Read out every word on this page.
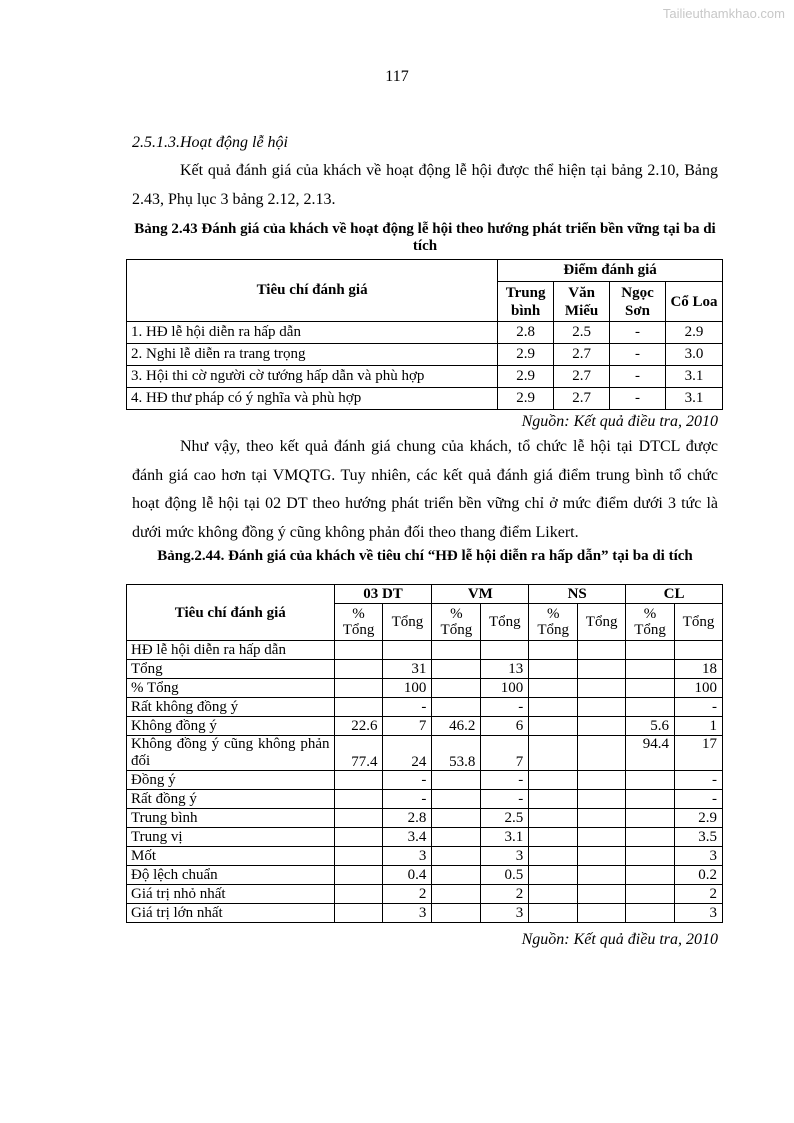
Tailieuthamkhao.com
117
2.5.1.3.Hoạt động lễ hội
Kết quả đánh giá của khách về hoạt động lễ hội được thể hiện tại bảng 2.10, Bảng 2.43, Phụ lục 3 bảng 2.12, 2.13.
Bảng 2.43 Đánh giá của khách về hoạt động lễ hội theo hướng phát triển bền vững tại ba di tích
Tiêu chí đánh giá	Điểm đánh giá			
	Trung bình	Văn Miếu	Ngọc Sơn	Cổ Loa
1. HĐ lễ hội diễn ra hấp dẫn	2.8	2.5	-	2.9
2. Nghi lễ diễn ra trang trọng	2.9	2.7	-	3.0
3. Hội thi cờ người cờ tướng hấp dẫn và phù hợp	2.9	2.7	-	3.1
4. HĐ thư pháp có ý nghĩa và phù hợp	2.9	2.7	-	3.1
Nguồn: Kết quả điều tra, 2010
Như vậy, theo kết quả đánh giá chung của khách, tổ chức lễ hội tại DTCL được đánh giá cao hơn tại VMQTG. Tuy nhiên, các kết quả đánh giá điểm trung bình tổ chức hoạt động lễ hội tại 02 DT theo hướng phát triển bền vững chỉ ở mức điểm dưới 3 tức là dưới mức không đồng ý cũng không phản đối theo thang điểm Likert.
Bảng.2.44. Đánh giá của khách về tiêu chí “HĐ lễ hội diễn ra hấp dẫn” tại ba di tích
Tiêu chí đánh giá	03 DT		VM		NS		CL	
	% Tổng	Tổng	% Tổng	Tổng	% Tổng	Tổng	% Tổng	Tổng
HĐ lễ hội diễn ra hấp dẫn								
Tổng		31		13				18
% Tổng		100		100				100
Rất không đồng ý		-		-				-
Không đồng ý	22.6	7	46.2	6			5.6	1
Không đồng ý cũng không phản đối	77.4	24	53.8	7			94.4	17
Đồng ý		-		-				-
Rất đồng ý		-		-				-
Trung bình		2.8		2.5				2.9
Trung vị		3.4		3.1				3.5
Mốt		3		3				3
Độ lệch chuẩn		0.4		0.5				0.2
Giá trị nhỏ nhất		2		2				2
Giá trị lớn nhất		3		3				3
Nguồn: Kết quả điều tra, 2010
